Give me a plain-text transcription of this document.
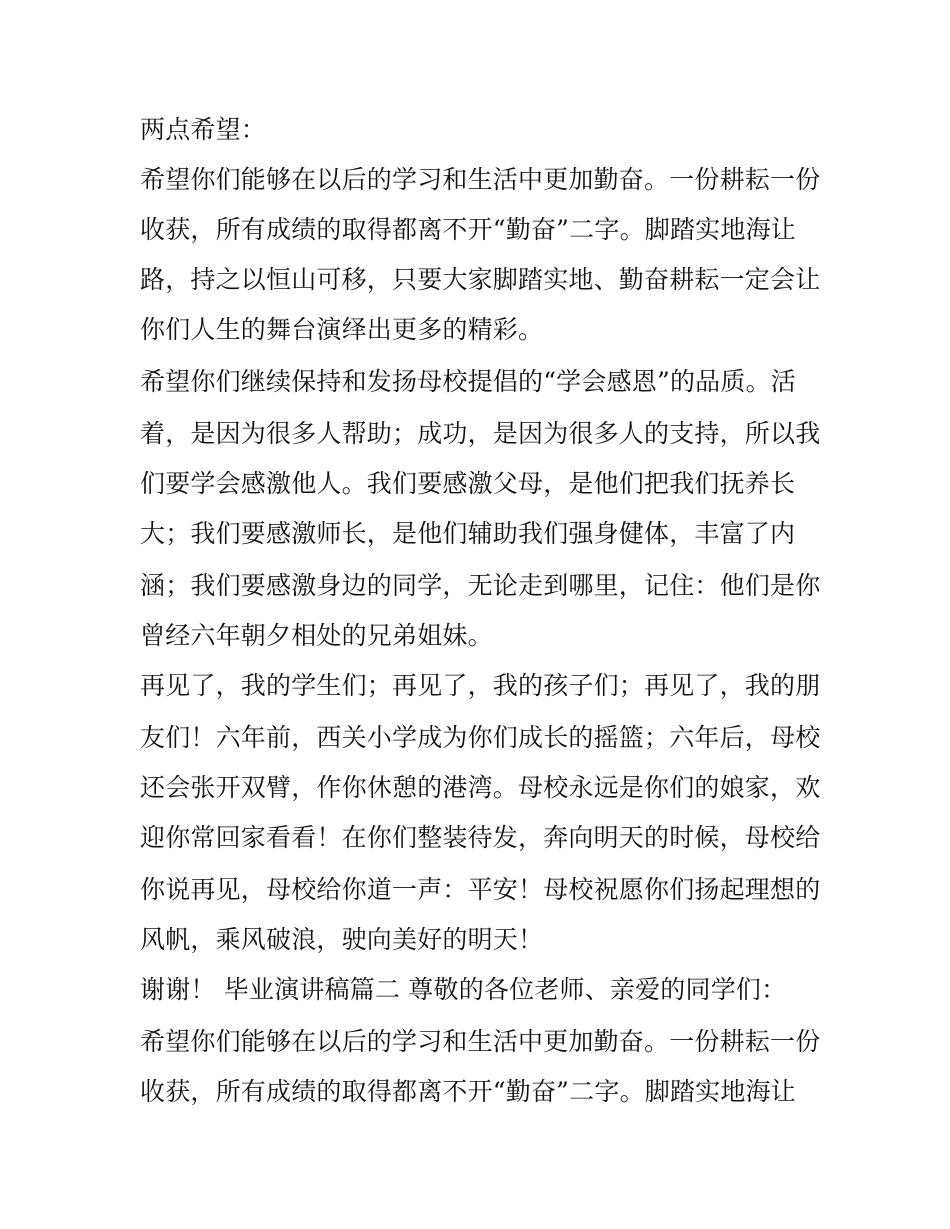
两点希望：
希望你们能够在以后的学习和生活中更加勤奋。一份耕耘一份
收获，所有成绩的取得都离不开“勤奋”二字。脚踏实地海让
路，持之以恒山可移，只要大家脚踏实地、勤奋耕耘一定会让
你们人生的舞台演绎出更多的精彩。
希望你们继续保持和发扬母校提倡的“学会感恩”的品质。活
着，是因为很多人帮助；成功，是因为很多人的支持，所以我
们要学会感激他人。我们要感激父母，是他们把我们抚养长
大；我们要感激师长，是他们辅助我们强身健体，丰富了内
涵；我们要感激身边的同学，无论走到哪里，记住：他们是你
曾经六年朝夕相处的兄弟姐妹。
再见了，我的学生们；再见了，我的孩子们；再见了，我的朋
友们！六年前，西关小学成为你们成长的摇篮；六年后，母校
还会张开双臂，作你休憩的港湾。母校永远是你们的娘家，欢
迎你常回家看看！在你们整装待发，奔向明天的时候，母校给
你说再见，母校给你道一声：平安！母校祝愿你们扬起理想的
风帆，乘风破浪，驶向美好的明天！
谢谢！ 毕业演讲稿篇二 尊敬的各位老师、亲爱的同学们：
希望你们能够在以后的学习和生活中更加勤奋。一份耕耘一份
收获，所有成绩的取得都离不开“勤奋”二字。脚踏实地海让
